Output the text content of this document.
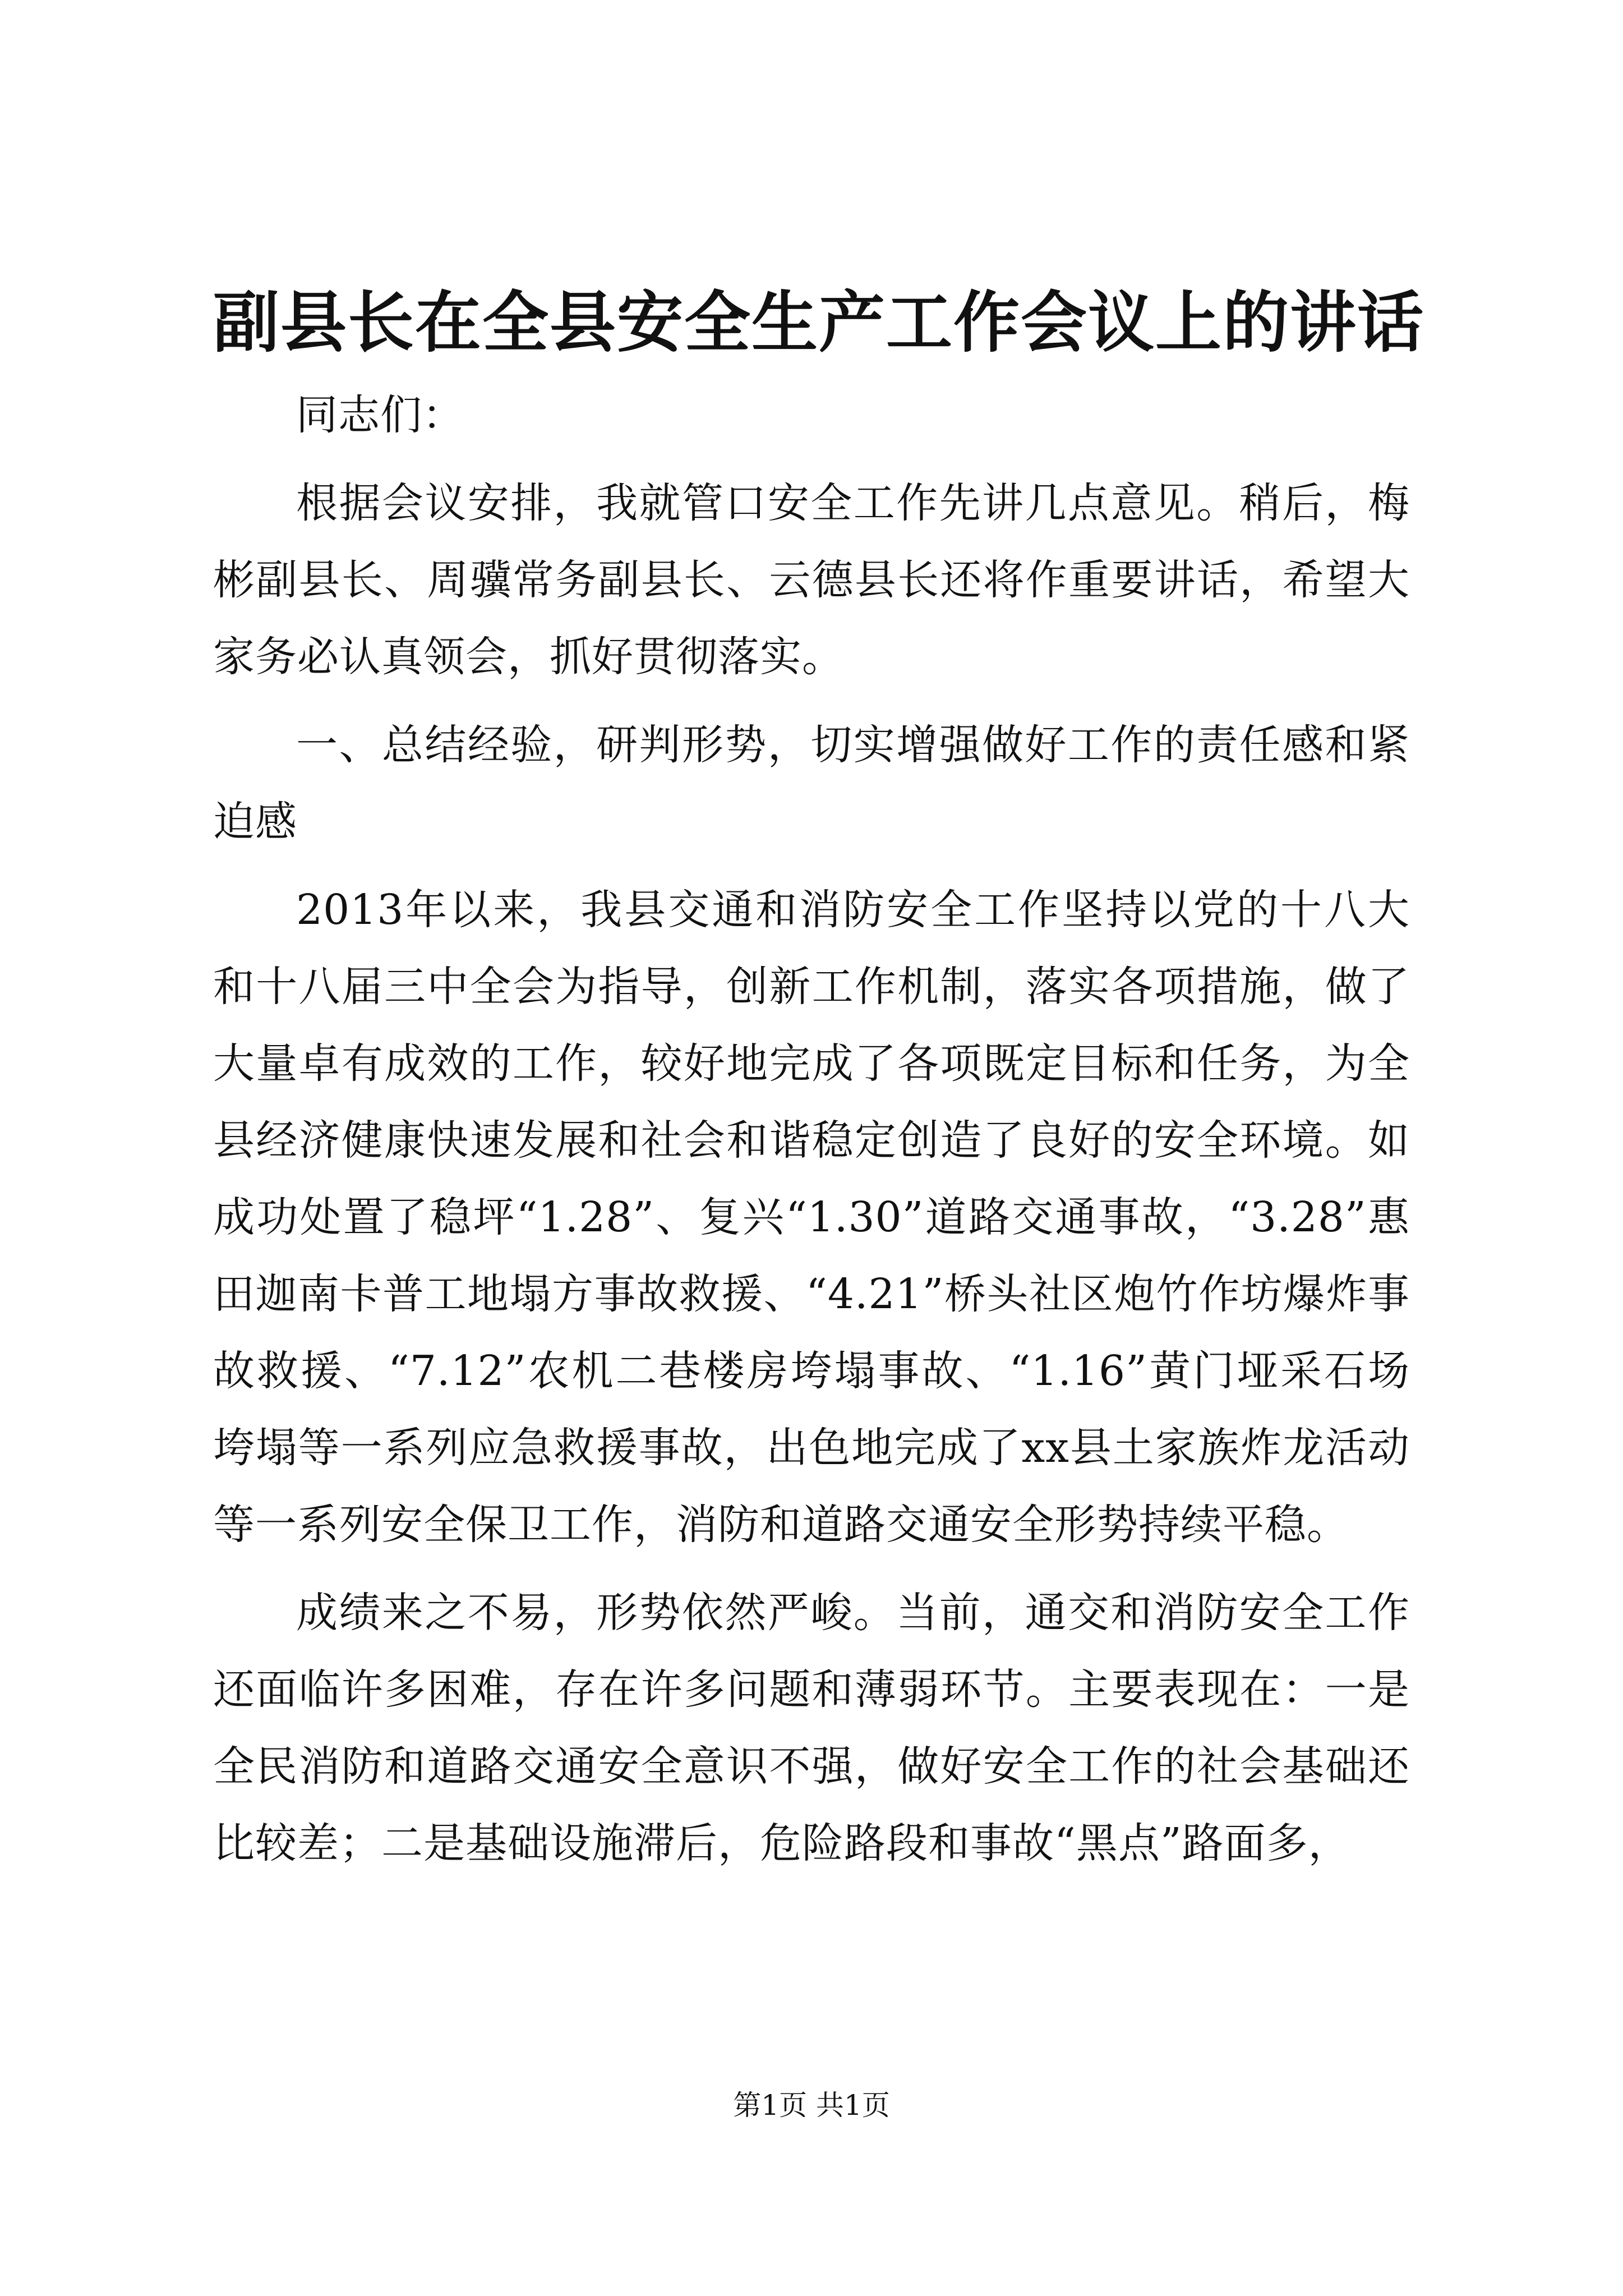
副县长在全县安全生产工作会议上的讲话

同志们：

根据会议安排，我就管口安全工作先讲几点意见。稍后，梅彬副县长、周骥常务副县长、云德县长还将作重要讲话，希望大家务必认真领会，抓好贯彻落实。

一、总结经验，研判形势，切实增强做好工作的责任感和紧迫感

2013年以来，我县交通和消防安全工作坚持以党的十八大和十八届三中全会为指导，创新工作机制，落实各项措施，做了大量卓有成效的工作，较好地完成了各项既定目标和任务，为全县经济健康快速发展和社会和谐稳定创造了良好的安全环境。如成功处置了稳坪“1.28”、复兴“1.30”道路交通事故，“3.28”惠田迦南卡普工地塌方事故救援、“4.21”桥头社区炮竹作坊爆炸事故救援、“7.12”农机二巷楼房垮塌事故、“1.16”黄门垭采石场垮塌等一系列应急救援事故，出色地完成了xx县土家族炸龙活动等一系列安全保卫工作，消防和道路交通安全形势持续平稳。

成绩来之不易，形势依然严峻。当前，通交和消防安全工作还面临许多困难，存在许多问题和薄弱环节。主要表现在：一是全民消防和道路交通安全意识不强，做好安全工作的社会基础还比较差；二是基础设施滞后，危险路段和事故“黑点”路面多，

第1页 共1页
